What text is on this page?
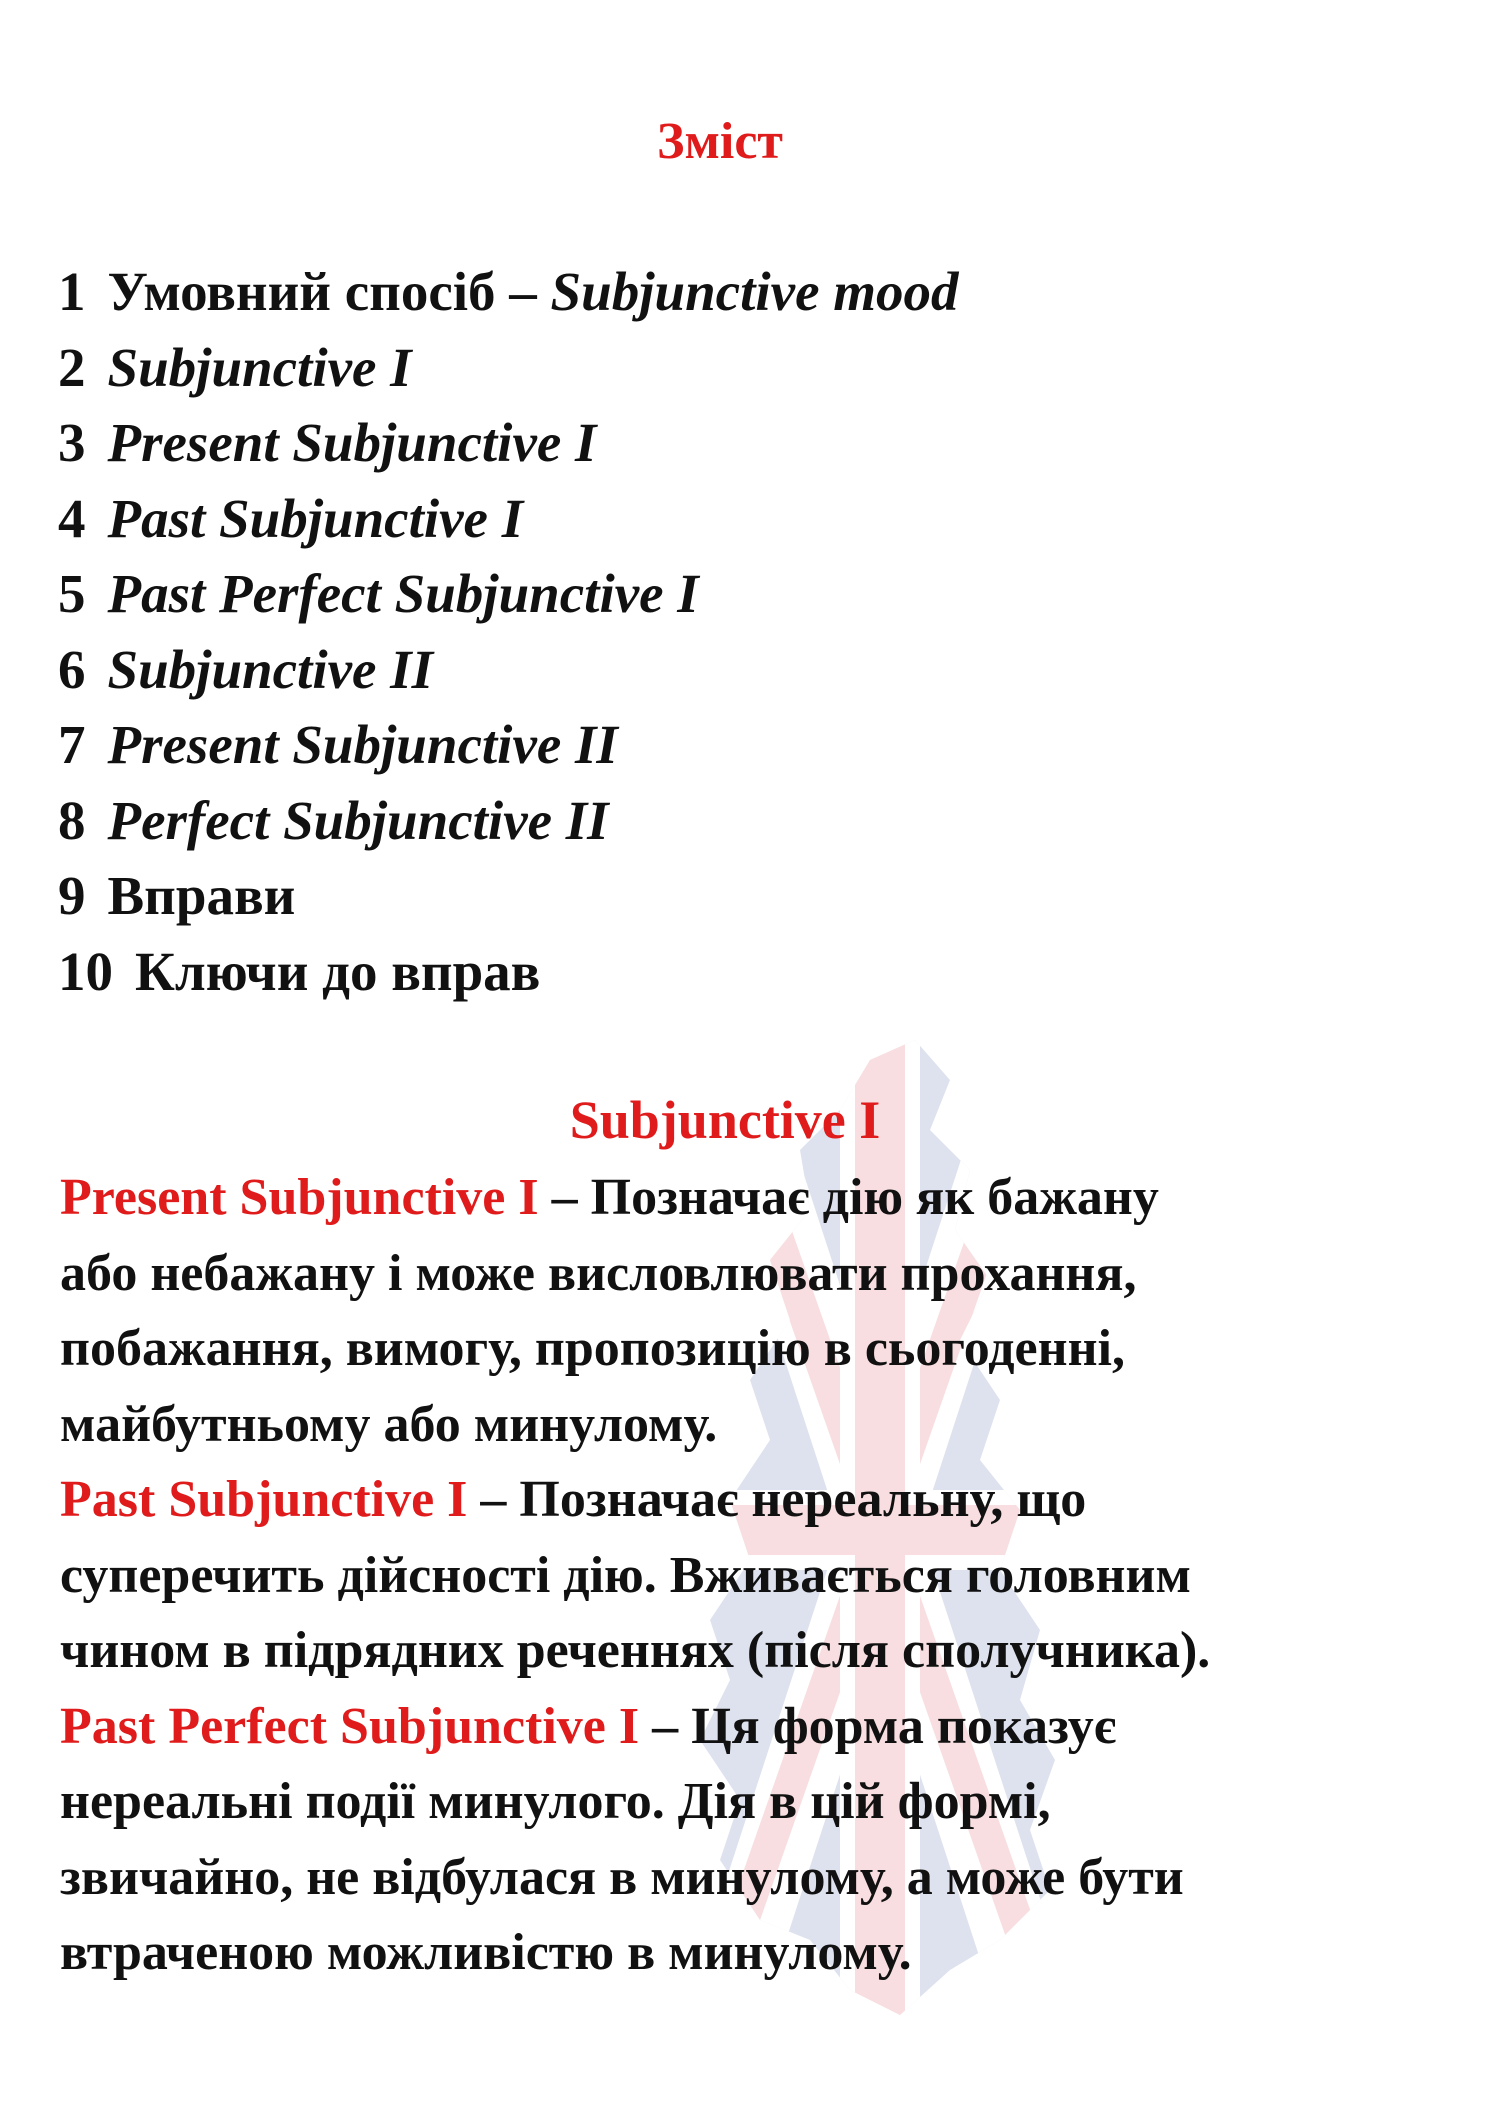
Зміст
1 Умовний спосіб – Subjunctive mood
2 Subjunctive I
3 Present Subjunctive I
4 Past Subjunctive I
5 Past Perfect Subjunctive I
6 Subjunctive II
7 Present Subjunctive II
8 Perfect Subjunctive II
9 Вправи
10 Ключи до вправ
Subjunctive I
Present Subjunctive I – Позначає дію як бажану
або небажану і може висловлювати прохання,
побажання, вимогу, пропозицію в сьогоденні,
майбутньому або минулому.
Past Subjunctive I – Позначає нереальну, що
суперечить дійсності дію. Вживається головним
чином в підрядних реченнях (після сполучника).
Past Perfect Subjunctive I – Ця форма показує
нереальні події минулого. Дія в цій формі,
звичайно, не відбулася в минулому, а може бути
втраченою можливістю в минулому.
